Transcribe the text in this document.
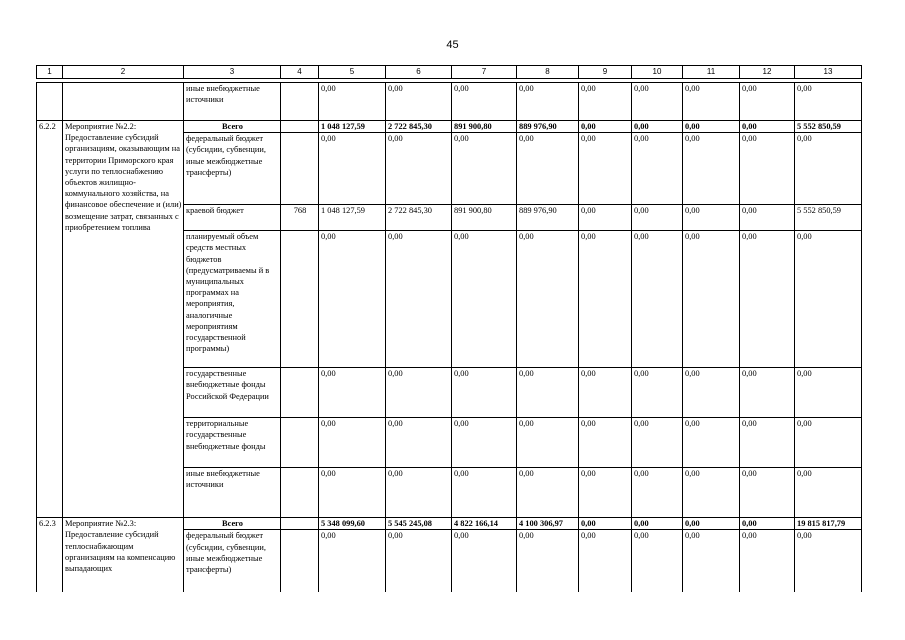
45
1	2	3	4	5	6	7	8	9	10	11	12	13

		иные внебюджетные источники		0,00	0,00	0,00	0,00	0,00	0,00	0,00	0,00	0,00
6.2.2	Мероприятие №2.2: Предоставление субсидий организациям, оказывающим на территории Приморского края услуги по теплоснабжению объектов жилищно-коммунального хозяйства, на финансовое обеспечение и (или) возмещение затрат, связанных с приобретением топлива	Всего		1 048 127,59	2 722 845,30	891 900,80	889 976,90	0,00	0,00	0,00	0,00	5 552 850,59
		федеральный бюджет (субсидии, субвенции, иные межбюджетные трансферты)		0,00	0,00	0,00	0,00	0,00	0,00	0,00	0,00	0,00
		краевой бюджет	768	1 048 127,59	2 722 845,30	891 900,80	889 976,90	0,00	0,00	0,00	0,00	5 552 850,59
		планируемый объем средств местных бюджетов (предусматриваемы й в муниципальных программах на мероприятия, аналогичные мероприятиям государственной программы)		0,00	0,00	0,00	0,00	0,00	0,00	0,00	0,00	0,00
		государственные внебюджетные фонды Российской Федерации		0,00	0,00	0,00	0,00	0,00	0,00	0,00	0,00	0,00
		территориальные государственные внебюджетные фонды		0,00	0,00	0,00	0,00	0,00	0,00	0,00	0,00	0,00
		иные внебюджетные источники		0,00	0,00	0,00	0,00	0,00	0,00	0,00	0,00	0,00
6.2.3	Мероприятие №2.3: Предоставление субсидий теплоснабжающим организациям на компенсацию выпадающих	Всего		5 348 099,60	5 545 245,08	4 822 166,14	4 100 306,97	0,00	0,00	0,00	0,00	19 815 817,79
		федеральный бюджет (субсидии, субвенции, иные межбюджетные трансферты)		0,00	0,00	0,00	0,00	0,00	0,00	0,00	0,00	0,00
